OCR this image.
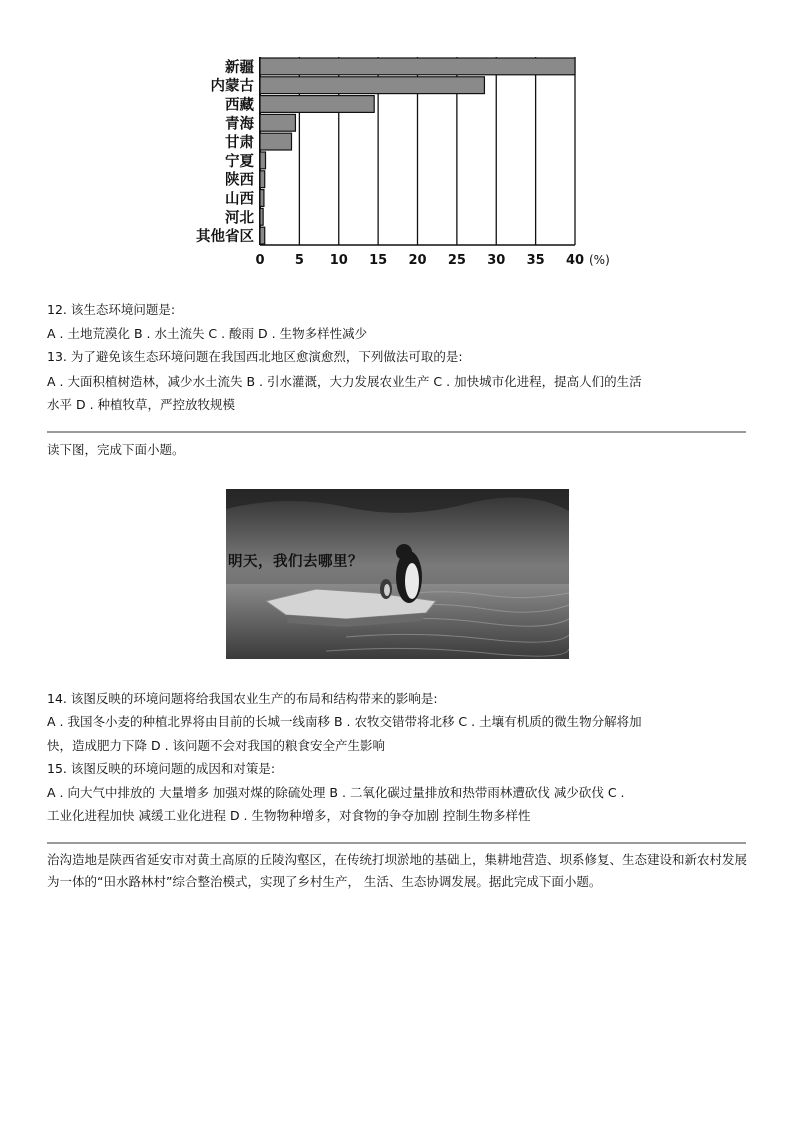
新疆
内蒙古
西藏
青海
甘肃
宁夏
陕西
山西
河北
其他省区
0 5 10 15 20 25 30 35 40 (%)
12. 该生态环境问题是:
A . 土地荒漠化 B . 水土流失 C . 酸雨 D . 生物多样性减少
13. 为了避免该生态环境问题在我国西北地区愈演愈烈，下列做法可取的是:
A . 大面积植树造林，减少水土流失 B . 引水灌溉，大力发展农业生产 C . 加快城市化进程，提高人们的生活
水平 D . 种植牧草，严控放牧规模
读下图，完成下面小题。
明天，我们去哪里？
14. 该图反映的环境问题将给我国农业生产的布局和结构带来的影响是:
A . 我国冬小麦的种植北界将由目前的长城一线南移 B . 农牧交错带将北移 C . 土壤有机质的微生物分解将加
快，造成肥力下降 D . 该问题不会对我国的粮食安全产生影响
15. 该图反映的环境问题的成因和对策是:
A . 向大气中排放的 大量增多 加强对煤的除硫处理 B . 二氧化碳过量排放和热带雨林遭砍伐 减少砍伐 C .
工业化进程加快 减缓工业化进程 D . 生物物种增多，对食物的争夺加剧 控制生物多样性
治沟造地是陕西省延安市对黄土高原的丘陵沟壑区，在传统打坝淤地的基础上，集耕地营造、坝系修复、生态建设和新农村发展为一体的“田水路林村”综合整治模式，实现了乡村生产， 生活、生态协调发展。据此完成下面小题。
